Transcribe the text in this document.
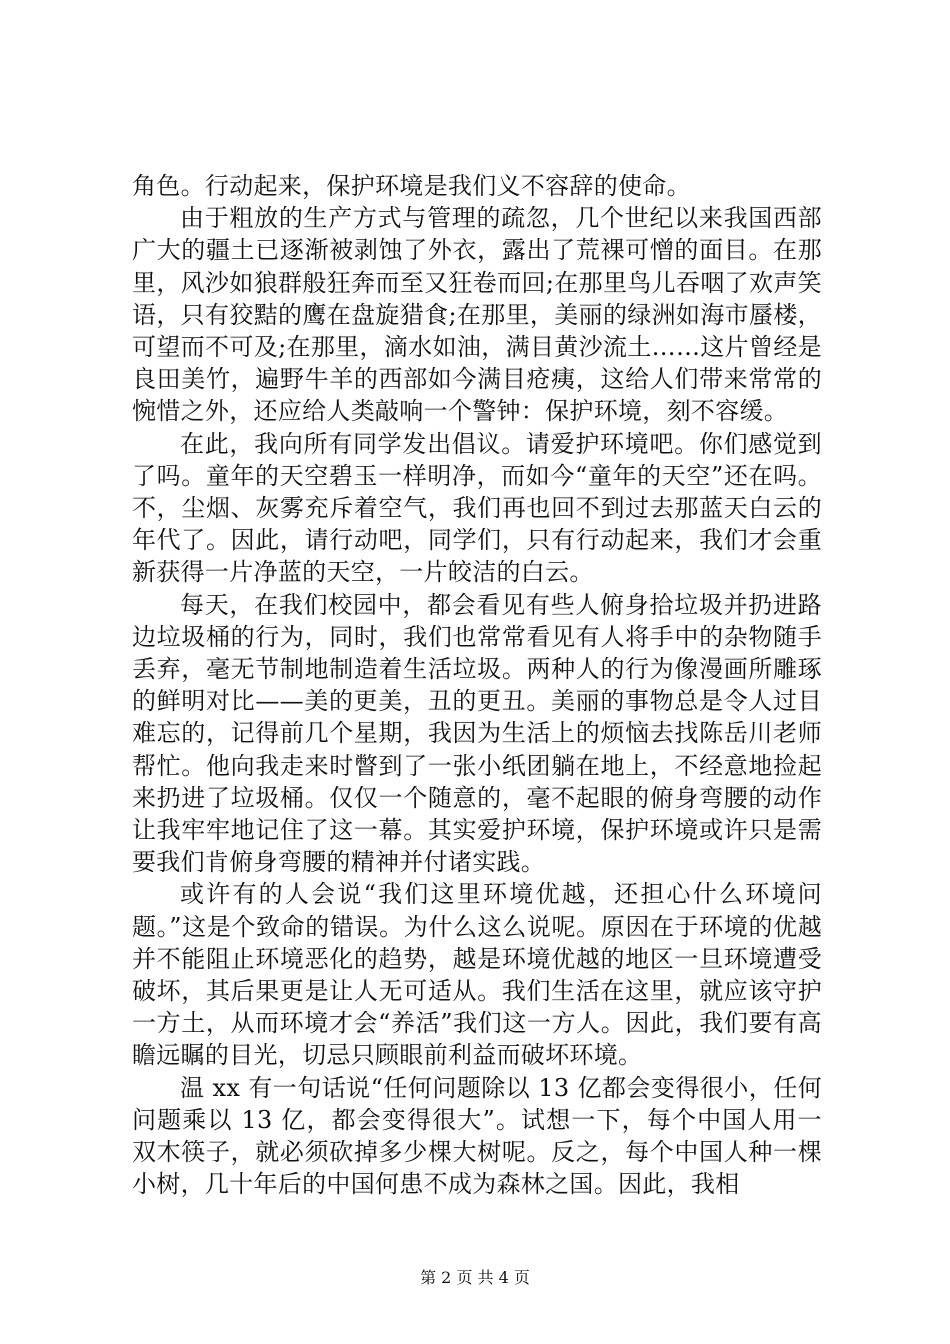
角色。行动起来，保护环境是我们义不容辞的使命。

由于粗放的生产方式与管理的疏忽，几个世纪以来我国西部广大的疆土已逐渐被剥蚀了外衣，露出了荒裸可憎的面目。在那里，风沙如狼群般狂奔而至又狂卷而回;在那里鸟儿吞咽了欢声笑语，只有狡黠的鹰在盘旋猎食;在那里，美丽的绿洲如海市蜃楼，可望而不可及;在那里，滴水如油，满目黄沙流土……这片曾经是良田美竹，遍野牛羊的西部如今满目疮痍，这给人们带来常常的惋惜之外，还应给人类敲响一个警钟：保护环境，刻不容缓。

在此，我向所有同学发出倡议。请爱护环境吧。你们感觉到了吗。童年的天空碧玉一样明净，而如今“童年的天空”还在吗。不，尘烟、灰雾充斥着空气，我们再也回不到过去那蓝天白云的年代了。因此，请行动吧，同学们，只有行动起来，我们才会重新获得一片净蓝的天空，一片皎洁的白云。

每天，在我们校园中，都会看见有些人俯身拾垃圾并扔进路边垃圾桶的行为，同时，我们也常常看见有人将手中的杂物随手丢弃，毫无节制地制造着生活垃圾。两种人的行为像漫画所雕琢的鲜明对比——美的更美，丑的更丑。美丽的事物总是令人过目难忘的，记得前几个星期，我因为生活上的烦恼去找陈岳川老师帮忙。他向我走来时瞥到了一张小纸团躺在地上，不经意地捡起来扔进了垃圾桶。仅仅一个随意的，毫不起眼的俯身弯腰的动作让我牢牢地记住了这一幕。其实爱护环境，保护环境或许只是需要我们肯俯身弯腰的精神并付诸实践。

或许有的人会说“我们这里环境优越，还担心什么环境问题。”这是个致命的错误。为什么这么说呢。原因在于环境的优越并不能阻止环境恶化的趋势，越是环境优越的地区一旦环境遭受破坏，其后果更是让人无可适从。我们生活在这里，就应该守护一方土，从而环境才会“养活”我们这一方人。因此，我们要有高瞻远瞩的目光，切忌只顾眼前利益而破坏环境。

温 xx 有一句话说“任何问题除以 13 亿都会变得很小，任何问题乘以 13 亿，都会变得很大”。试想一下，每个中国人用一双木筷子，就必须砍掉多少棵大树呢。反之，每个中国人种一棵小树，几十年后的中国何患不成为森林之国。因此，我相

第 2 页 共 4 页
